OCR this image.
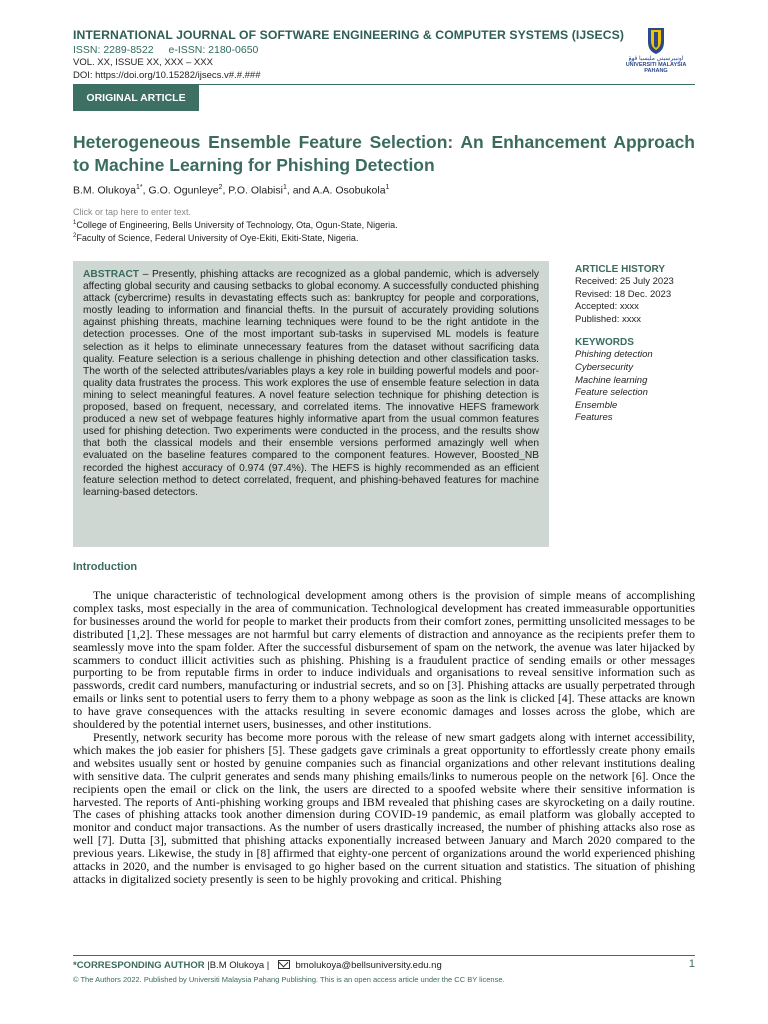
INTERNATIONAL JOURNAL OF SOFTWARE ENGINEERING & COMPUTER SYSTEMS (IJSECS)
ISSN: 2289-8522 e-ISSN: 2180-0650
VOL. XX, ISSUE XX, XXX – XXX
DOI: https://doi.org/10.15282/ijsecs.v#.#.###
اونيبرسيتي مليسيا ڤهڠ
UNIVERSITI MALAYSIA PAHANG
ORIGINAL ARTICLE
Heterogeneous Ensemble Feature Selection: An Enhancement Approach to Machine Learning for Phishing Detection
B.M. Olukoya$^{1*}$, G.O. Ogunleye$^2$, P.O. Olabisi$^1$, and A.A. Osobukola$^1$
Click or tap here to enter text.
$^1$College of Engineering, Bells University of Technology, Ota, Ogun-State, Nigeria.
$^2$Faculty of Science, Federal University of Oye-Ekiti, Ekiti-State, Nigeria.

ABSTRACT – Presently, phishing attacks are recognized as a global pandemic, which is adversely affecting global security and causing setbacks to global economy. A successfully conducted phishing attack (cybercrime) results in devastating effects such as: bankruptcy for people and corporations, mostly leading to information and financial thefts. In the pursuit of accurately providing solutions against phishing threats, machine learning techniques were found to be the right antidote in the detection processes. One of the most important sub-tasks in supervised ML models is feature selection as it helps to eliminate unnecessary features from the dataset without sacrificing data quality. Feature selection is a serious challenge in phishing detection and other classification tasks. The worth of the selected attributes/variables plays a key role in building powerful models and poor-quality data frustrates the process. This work explores the use of ensemble feature selection in data mining to select meaningful features. A novel feature selection technique for phishing detection is proposed, based on frequent, necessary, and correlated items. The innovative HEFS framework produced a new set of webpage features highly informative apart from the usual common features used for phishing detection. Two experiments were conducted in the process, and the results show that both the classical models and their ensemble versions performed amazingly well when evaluated on the baseline features compared to the component features. However, Boosted_NB recorded the highest accuracy of 0.974 (97.4%). The HEFS is highly recommended as an efficient feature selection method to detect correlated, frequent, and phishing-behaved features for machine learning-based detectors.

ARTICLE HISTORY
Received: 25 July 2023
Revised: 18 Dec. 2023
Accepted: xxxx
Published: xxxx
KEYWORDS
Phishing detection
Cybersecurity
Machine learning
Feature selection
Ensemble
Features
Introduction

The unique characteristic of technological development among others is the provision of simple means of accomplishing complex tasks, most especially in the area of communication. Technological development has created immeasurable opportunities for businesses around the world for people to market their products from their comfort zones, permitting unsolicited messages to be distributed [1,2]. These messages are not harmful but carry elements of distraction and annoyance as the recipients prefer them to seamlessly move into the spam folder. After the successful disbursement of spam on the network, the avenue was later hijacked by scammers to conduct illicit activities such as phishing. Phishing is a fraudulent practice of sending emails or other messages purporting to be from reputable firms in order to induce individuals and organisations to reveal sensitive information such as passwords, credit card numbers, manufacturing or industrial secrets, and so on [3]. Phishing attacks are usually perpetrated through emails or links sent to potential users to ferry them to a phony webpage as soon as the link is clicked [4]. These attacks are known to have grave consequences with the attacks resulting in severe economic damages and losses across the globe, which are shouldered by the potential internet users, businesses, and other institutions.

Presently, network security has become more porous with the release of new smart gadgets along with internet accessibility, which makes the job easier for phishers [5]. These gadgets gave criminals a great opportunity to effortlessly create phony emails and websites usually sent or hosted by genuine companies such as financial organizations and other relevant institutions dealing with sensitive data. The culprit generates and sends many phishing emails/links to numerous people on the network [6]. Once the recipients open the email or click on the link, the users are directed to a spoofed website where their sensitive information is harvested. The reports of Anti-phishing working groups and IBM revealed that phishing cases are skyrocketing on a daily routine. The cases of phishing attacks took another dimension during COVID-19 pandemic, as email platform was globally accepted to monitor and conduct major transactions. As the number of users drastically increased, the number of phishing attacks also rose as well [7]. Dutta [3], submitted that phishing attacks exponentially increased between January and March 2020 compared to the previous years. Likewise, the study in [8] affirmed that eighty-one percent of organizations around the world experienced phishing attacks in 2020, and the number is envisaged to go higher based on the current situation and statistics. The situation of phishing attacks in digitalized society presently is seen to be highly provoking and critical. Phishing

*CORRESPONDING AUTHOR |B.M Olukoya |	bmolukoya@bellsuniversity.edu.ng	1
© The Authors 2022. Published by Universiti Malaysia Pahang Publishing. This is an open access article under the CC BY license.
